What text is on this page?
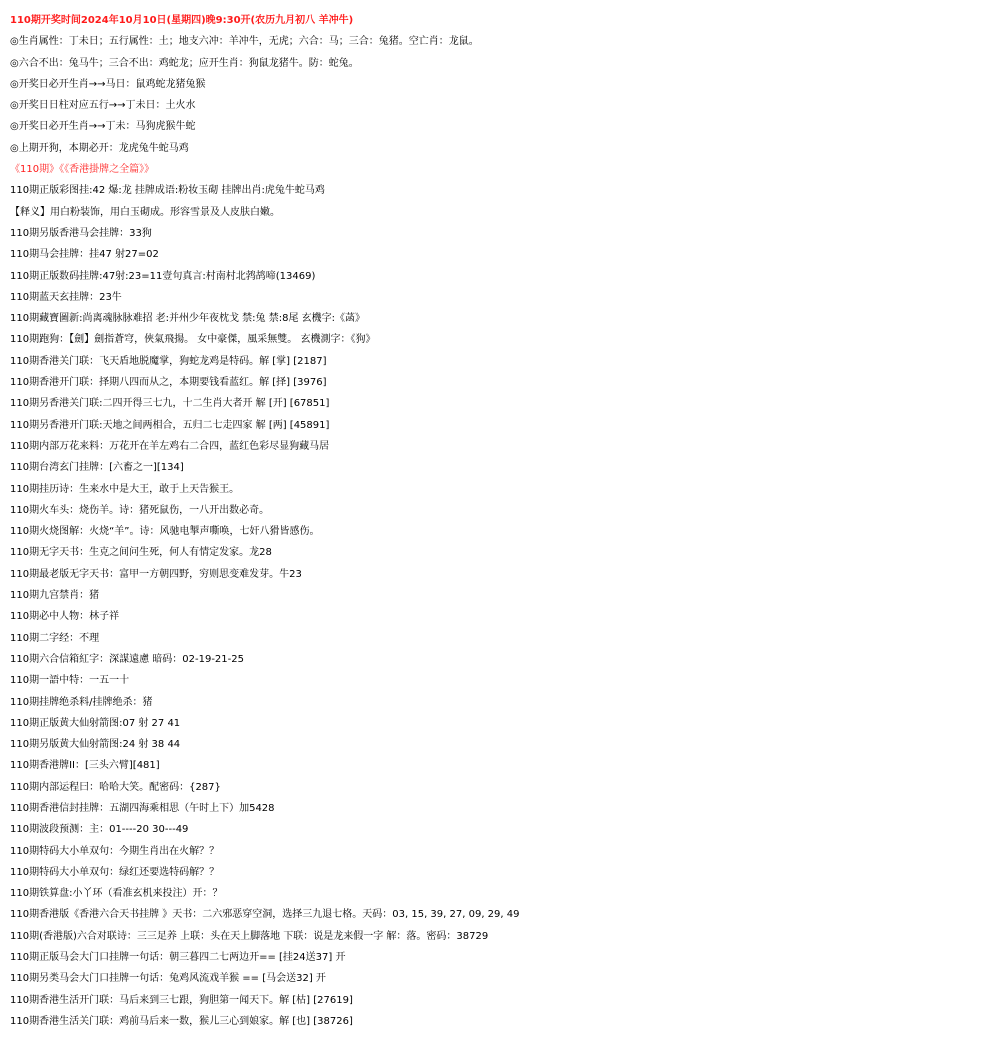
110期开奖时间2024年10月10日(星期四)晚9:30开(农历九月初八 羊冲牛)
◎生肖属性：丁未日；五行属性：土；地支六冲：羊冲牛，无虎；六合：马；三合：兔猪。空亡肖：龙鼠。
◎六合不出：兔马牛；三合不出：鸡蛇龙；应开生肖：狗鼠龙猪牛。防：蛇兔。
◎开奖日必开生肖→→马日：鼠鸡蛇龙猪兔猴
◎开奖日日柱对应五行→→丁未日：土火水
◎开奖日必开生肖→→丁未：马狗虎猴牛蛇
◎上期开狗，本期必开：龙虎兔牛蛇马鸡
《110期》《《香港掛牌之全篇》》
110期正版彩图挂:42 爆:龙 挂牌成语:粉妆玉砌 挂牌出肖:虎兔牛蛇马鸡
【释义】用白粉装饰，用白玉砌成。形容雪景及人皮肤白嫩。
110期另版香港马会挂牌：33狗
110期马会挂牌：挂47 射27=02
110期正版数码挂牌:47射:23=11壹句真言:村南村北鹁鸪啼(13469)
110期蓝天玄挂牌：23牛
110期藏寶圖新:尚离魂脉脉难招 老:并州少年夜枕戈 禁:兔 禁:8尾 玄機字:《菡》
110期跑狗：【劍】劍指蒼穹，俠氣飛揚。 女中豪傑，風采無雙。 玄機測字：《狗》
110期香港关门联：飞天盾地脱魔掌，狗蛇龙鸡是特码。解 [掌] [2187]
110期香港开门联：择期八四而从之，本期要钱看蓝红。解 [择] [3976]
110期另香港关门联:二四开得三七九，十二生肖大者开 解 [开] [67851]
110期另香港开门联:天地之间两相合，五归二七走四家 解 [两] [45891]
110期内部万花来料：万花开在羊左鸡右二合四，蓝红色彩尽显狗藏马居
110期台湾玄门挂牌：[六畜之一][134]
110期挂历诗：生来水中是大王，敢于上天告猴王。
110期火车头：烧伤羊。诗：猪死鼠伤，一八开出数必奇。
110期火烧图解：火烧“羊”。诗：风驰电掣声嘶唤，七奸八猾皆感伤。
110期无字天书：生克之间问生死，何人有情定发家。龙28
110期最老版无字天书：富甲一方朝四野，穷则思变难发芽。牛23
110期九宫禁肖：猪
110期必中人物：林子祥
110期二字经：不理
110期六合信箱紅字：深謀遠慮 暗码：02-19-21-25
110期一語中特：一五一十
110期挂牌绝杀料/挂牌绝杀：猪
110期正版黄大仙射箭图:07 射 27 41
110期另版黄大仙射箭图:24 射 38 44
110期香港牌II：[三头六臂][481]
110期内部运程曰：哈哈大笑。配密码：{287}
110期香港信封挂牌：五湖四海乘相思（午时上下）加5428
110期波段预测：主：01----20 30---49
110期特码大小单双句：今期生肖出在火解？？
110期特码大小单双句：绿红还要选特码解？？
110期铁算盘:小丫环（看准玄机来投注）开：？
110期香港版《香港六合天书挂牌 》天书：二六邪恶穿空洞，选择三九退七格。天码：03, 15, 39, 27, 09, 29, 49
110期(香港版)六合对联诗：三三足养 上联：头在天上脚落地 下联：说是龙来假一字 解：落。密码：38729
110期正版马会大门口挂牌一句话：朝三暮四二七两边开== [挂24送37] 开
110期另类马会大门口挂牌一句话：兔鸡风流戏羊猴 == [马会送32] 开
110期香港生活开门联：马后来到三七跟，狗胆第一闻天下。解 [枯] [27619]
110期香港生活关门联：鸡前马后来一数，猴儿三心到娘家。解 [也] [38726]
